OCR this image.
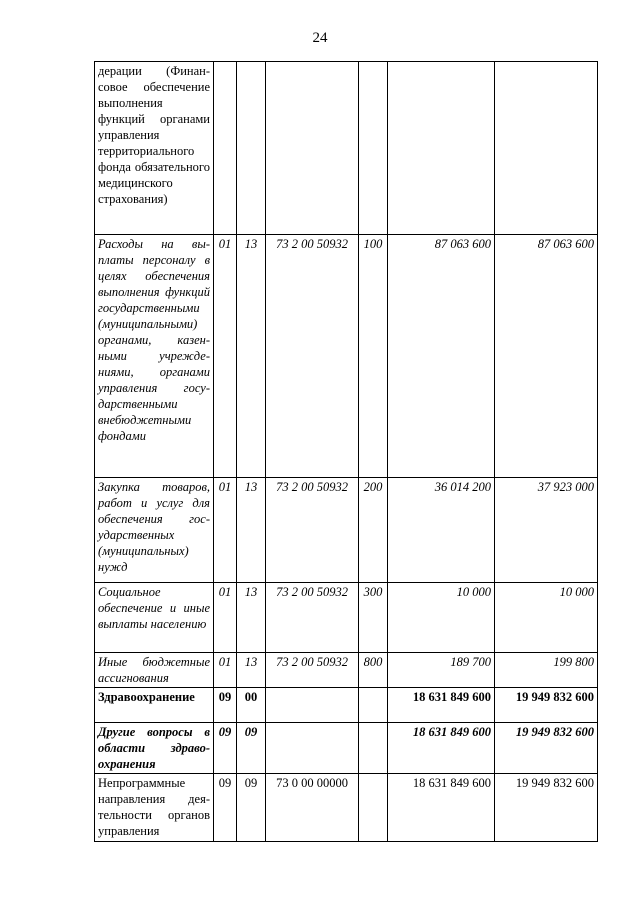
24
дерации (Финансовое обеспечение выполнения функций органами управления территориального фонда обязательного медицинского страхования)						
Расходы на выплаты персоналу в целях обеспечения выполнения функций государственными (муниципальными) органами, казенными учреждениями, органами управления государственными внебюджетными фондами	01	13	73 2 00 50932	100	87 063 600	87 063 600
Закупка товаров, работ и услуг для обеспечения государственных (муниципальных) нужд	01	13	73 2 00 50932	200	36 014 200	37 923 000
Социальное обеспечение и иные выплаты населению	01	13	73 2 00 50932	300	10 000	10 000
Иные бюджетные ассигнования	01	13	73 2 00 50932	800	189 700	199 800
Здравоохранение	09	00			18 631 849 600	19 949 832 600
Другие вопросы в области здравоохранения	09	09			18 631 849 600	19 949 832 600
Непрограммные направления деятельности органов управления	09	09	73 0 00 00000		18 631 849 600	19 949 832 600
